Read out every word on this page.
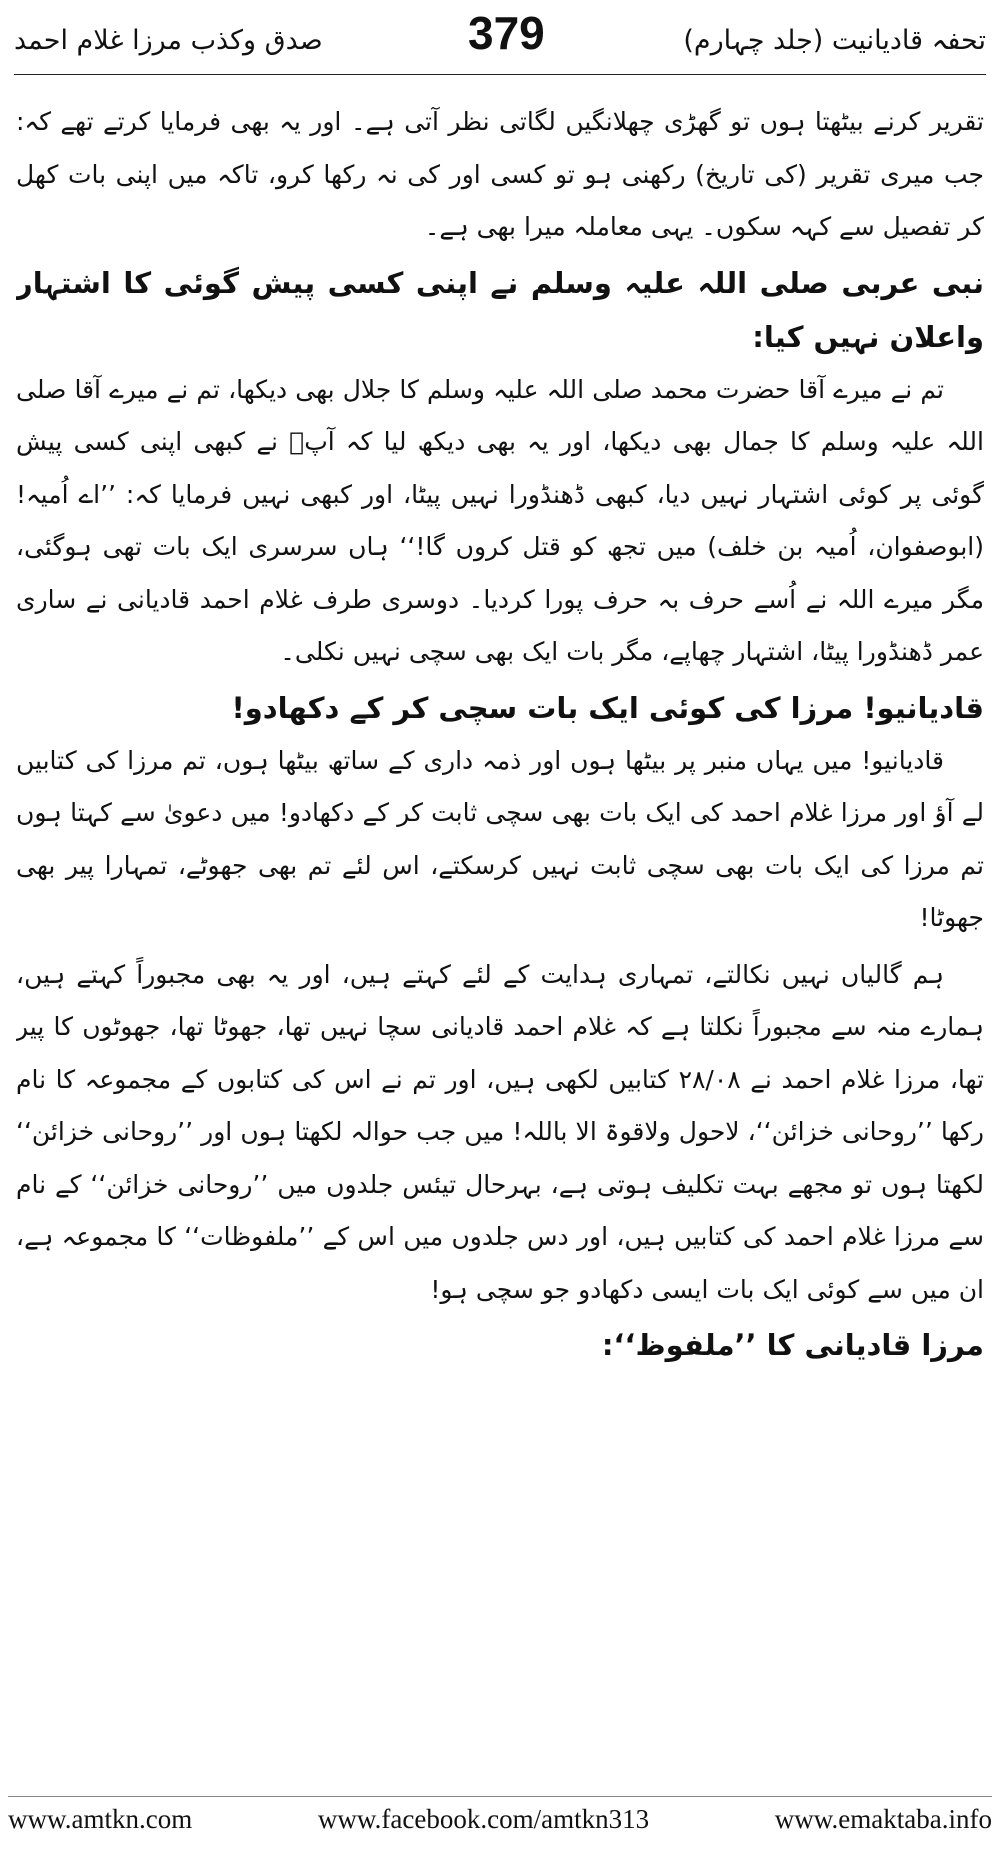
صدق وکذب مرزا غلام احمد	تحفہ قادیانیت (جلد چہارم)
379

تقریر کرنے بیٹھتا ہوں تو گھڑی چھلانگیں لگاتی نظر آتی ہے۔ اور یہ بھی فرمایا کرتے تھے کہ: جب میری تقریر (کی تاریخ) رکھنی ہو تو کسی اور کی نہ رکھا کرو، تاکہ میں اپنی بات کھل کر تفصیل سے کہہ سکوں۔ یہی معاملہ میرا بھی ہے۔

نبی عربی صلی اللہ علیہ وسلم نے اپنی کسی پیش گوئی کا اشتہار واعلان نہیں کیا:

تم نے میرے آقا حضرت محمد صلی اللہ علیہ وسلم کا جلال بھی دیکھا، تم نے میرے آقا صلی اللہ علیہ وسلم کا جمال بھی دیکھا، اور یہ بھی دیکھ لیا کہ آپؐ نے کبھی اپنی کسی پیش گوئی پر کوئی اشتہار نہیں دیا، کبھی ڈھنڈورا نہیں پیٹا، اور کبھی نہیں فرمایا کہ: ’’اے اُمیہ! (ابوصفوان، اُمیہ بن خلف) میں تجھ کو قتل کروں گا!‘‘ ہاں سرسری ایک بات تھی ہوگئی، مگر میرے اللہ نے اُسے حرف بہ حرف پورا کردیا۔ دوسری طرف غلام احمد قادیانی نے ساری عمر ڈھنڈورا پیٹا، اشتہار چھاپے، مگر بات ایک بھی سچی نہیں نکلی۔

قادیانیو! مرزا کی کوئی ایک بات سچی کر کے دکھادو!

قادیانیو! میں یہاں منبر پر بیٹھا ہوں اور ذمہ داری کے ساتھ بیٹھا ہوں، تم مرزا کی کتابیں لے آؤ اور مرزا غلام احمد کی ایک بات بھی سچی ثابت کر کے دکھادو! میں دعویٰ سے کہتا ہوں تم مرزا کی ایک بات بھی سچی ثابت نہیں کرسکتے، اس لئے تم بھی جھوٹے، تمہارا پیر بھی جھوٹا!

ہم گالیاں نہیں نکالتے، تمہاری ہدایت کے لئے کہتے ہیں، اور یہ بھی مجبوراً کہتے ہیں، ہمارے منہ سے مجبوراً نکلتا ہے کہ غلام احمد قادیانی سچا نہیں تھا، جھوٹا تھا، جھوٹوں کا پیر تھا، مرزا غلام احمد نے ۲۸/۰۸ کتابیں لکھی ہیں، اور تم نے اس کی کتابوں کے مجموعہ کا نام رکھا ’’روحانی خزائن‘‘، لاحول ولاقوۃ الا باللہ! میں جب حوالہ لکھتا ہوں اور ’’روحانی خزائن‘‘ لکھتا ہوں تو مجھے بہت تکلیف ہوتی ہے، بہرحال تیئس جلدوں میں ’’روحانی خزائن‘‘ کے نام سے مرزا غلام احمد کی کتابیں ہیں، اور دس جلدوں میں اس کے ’’ملفوظات‘‘ کا مجموعہ ہے، ان میں سے کوئی ایک بات ایسی دکھادو جو سچی ہو!

مرزا قادیانی کا ’’ملفوظ‘‘:

www.amtkn.com	www.facebook.com/amtkn313	www.emaktaba.info
